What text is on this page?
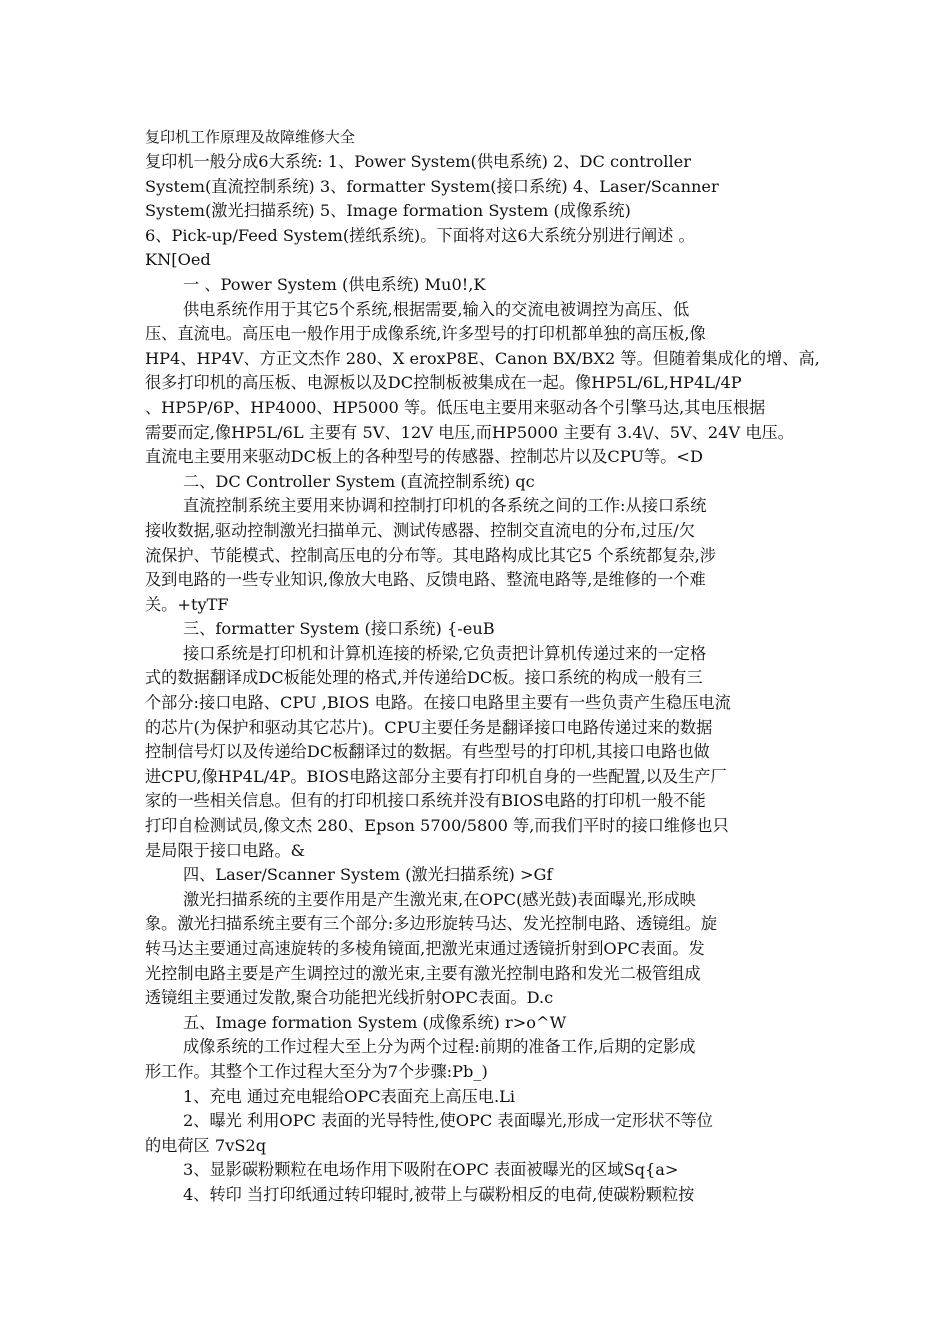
复印机工作原理及故障维修大全
复印机一般分成6大系统: 1、Power System(供电系统) 2、DC controller
System(直流控制系统) 3、formatter System(接口系统) 4、Laser/Scanner
System(激光扫描系统) 5、Image formation System (成像系统)
6、Pick-up/Feed System(搓纸系统)。下面将对这6大系统分别进行阐述 。
KN[Oed
一 、Power System (供电系统) Mu0!,K
供电系统作用于其它5个系统,根据需要,输入的交流电被调控为高压、低
压、直流电。高压电一般作用于成像系统,许多型号的打印机都单独的高压板,像
HP4、HP4V、方正文杰作 280、X eroxP8E、Canon BX/BX2 等。但随着集成化的增、高,
很多打印机的高压板、电源板以及DC控制板被集成在一起。像HP5L/6L,HP4L/4P
、HP5P/6P、HP4000、HP5000 等。低压电主要用来驱动各个引擎马达,其电压根据
需要而定,像HP5L/6L 主要有 5V、12V 电压,而HP5000 主要有 3.4\/、5V、24V 电压。
直流电主要用来驱动DC板上的各种型号的传感器、控制芯片以及CPU等。<D
二、DC Controller System (直流控制系统) qc
直流控制系统主要用来协调和控制打印机的各系统之间的工作:从接口系统
接收数据,驱动控制激光扫描单元、测试传感器、控制交直流电的分布,过压/欠
流保护、节能模式、控制高压电的分布等。其电路构成比其它5 个系统都复杂,涉
及到电路的一些专业知识,像放大电路、反馈电路、整流电路等,是维修的一个难
关。+tyTF
三、formatter System (接口系统) {-euB
接口系统是打印机和计算机连接的桥梁,它负责把计算机传递过来的一定格
式的数据翻译成DC板能处理的格式,并传递给DC板。接口系统的构成一般有三
个部分:接口电路、CPU ,BIOS 电路。在接口电路里主要有一些负责产生稳压电流
的芯片(为保护和驱动其它芯片)。CPU主要任务是翻译接口电路传递过来的数据
控制信号灯以及传递给DC板翻译过的数据。有些型号的打印机,其接口电路也做
进CPU,像HP4L/4P。BIOS电路这部分主要有打印机自身的一些配置,以及生产厂
家的一些相关信息。但有的打印机接口系统并没有BIOS电路的打印机一般不能
打印自检测试员,像文杰 280、Epson 5700/5800 等,而我们平时的接口维修也只
是局限于接口电路。&
四、Laser/Scanner System (激光扫描系统) >Gf
激光扫描系统的主要作用是产生激光束,在OPC(感光鼓)表面曝光,形成映
象。激光扫描系统主要有三个部分:多边形旋转马达、发光控制电路、透镜组。旋
转马达主要通过高速旋转的多棱角镜面,把激光束通过透镜折射到OPC表面。发
光控制电路主要是产生调控过的激光束,主要有激光控制电路和发光二极管组成
透镜组主要通过发散,聚合功能把光线折射OPC表面。D.c
五、Image formation System (成像系统) r>o^W
成像系统的工作过程大至上分为两个过程:前期的准备工作,后期的定影成
形工作。其整个工作过程大至分为7个步骤:Pb_)
1、充电 通过充电辊给OPC表面充上高压电.Li
2、曝光 利用OPC 表面的光导特性,使OPC 表面曝光,形成一定形状不等位
的电荷区 7vS2q
3、显影碳粉颗粒在电场作用下吸附在OPC 表面被曝光的区域Sq{a>
4、转印 当打印纸通过转印辊时,被带上与碳粉相反的电荷,使碳粉颗粒按
